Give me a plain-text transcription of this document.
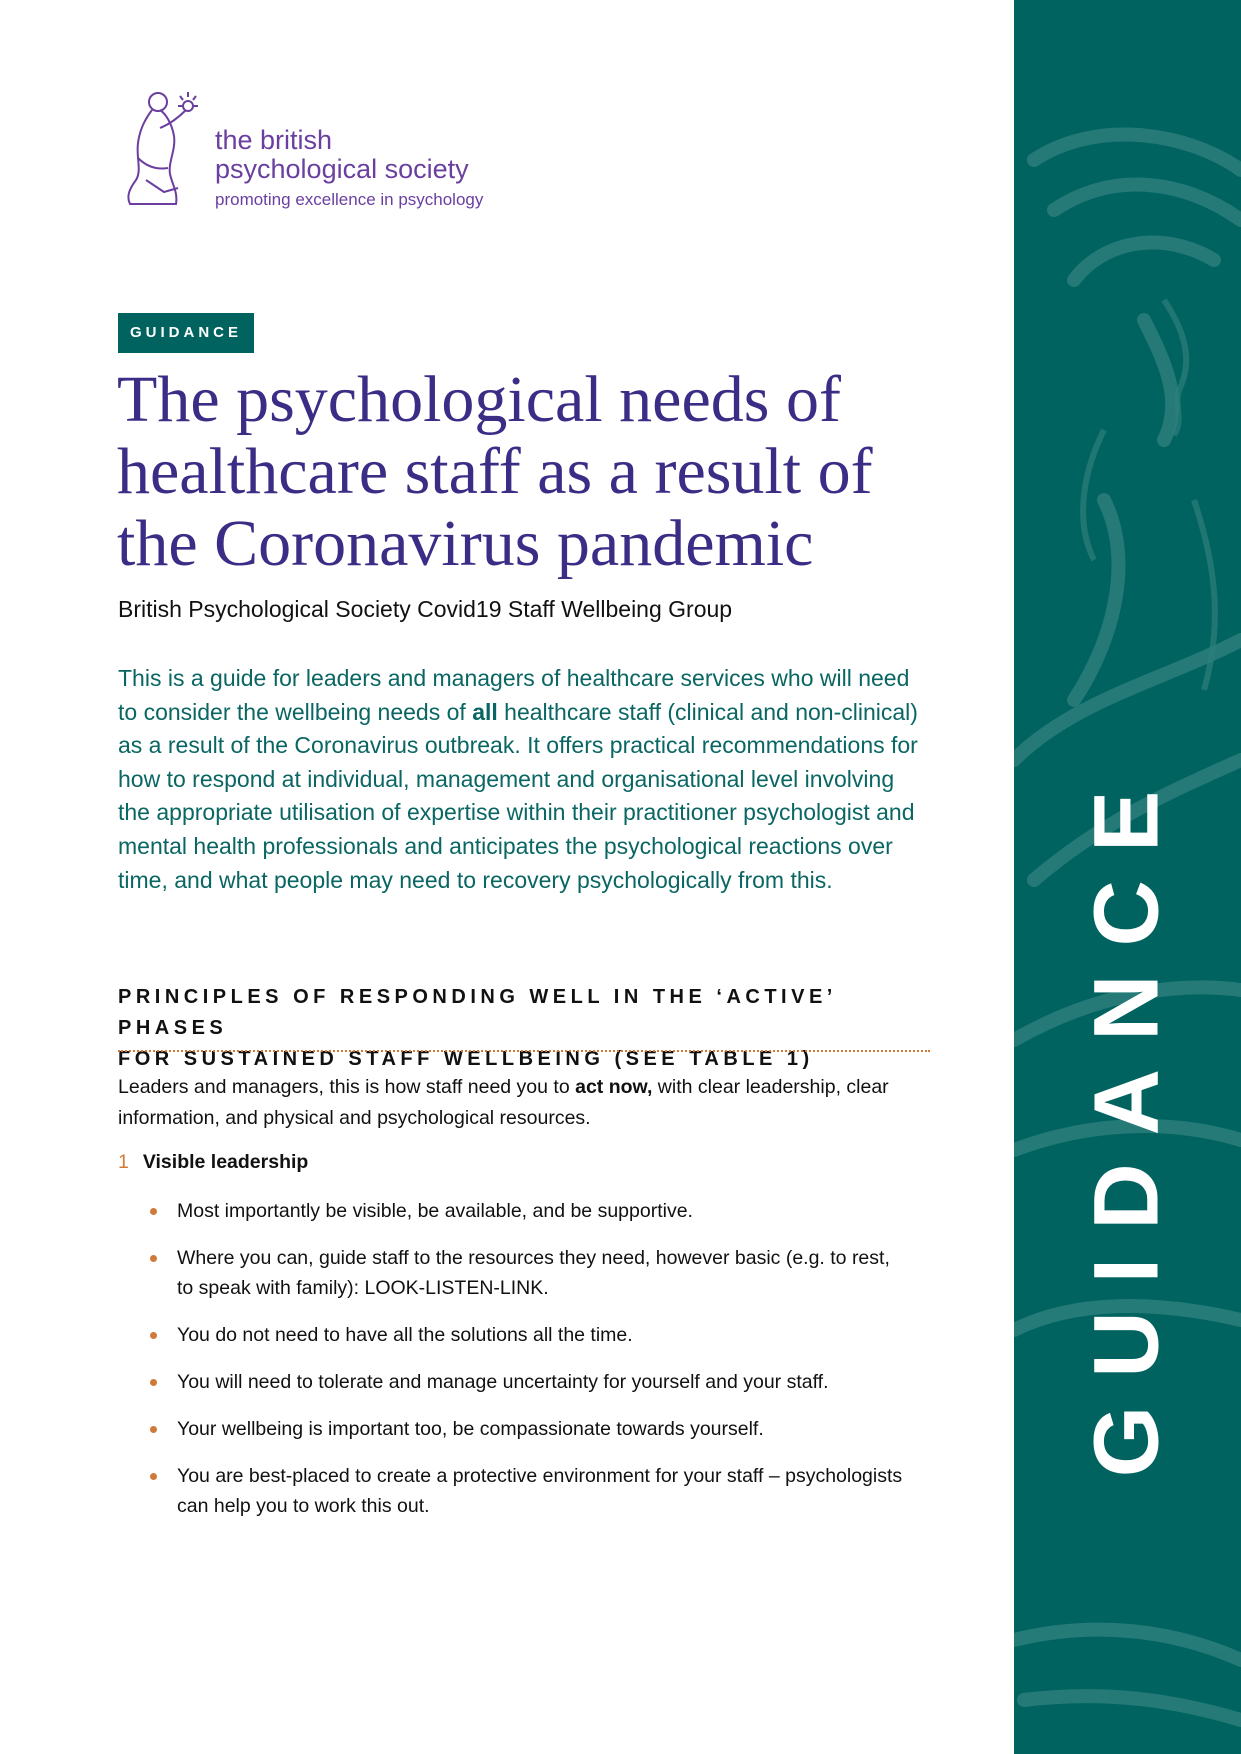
GUIDANCE
the british
psychological society
promoting excellence in psychology
GUIDANCE
The psychological needs of healthcare staff as a result of the Coronavirus pandemic
British Psychological Society Covid19 Staff Wellbeing Group
This is a guide for leaders and managers of healthcare services who will need to consider the wellbeing needs of all healthcare staff (clinical and non-clinical) as a result of the Coronavirus outbreak. It offers practical recommendations for how to respond at individual, management and organisational level involving the appropriate utilisation of expertise within their practitioner psychologist and mental health professionals and anticipates the psychological reactions over time, and what people may need to recovery psychologically from this.
PRINCIPLES OF RESPONDING WELL IN THE ‘ACTIVE’ PHASES
FOR SUSTAINED STAFF WELLBEING (SEE TABLE 1)
Leaders and managers, this is how staff need you to act now, with clear leadership, clear information, and physical and psychological resources.
1 Visible leadership
Most importantly be visible, be available, and be supportive.
Where you can, guide staff to the resources they need, however basic (e.g. to rest, to speak with family): LOOK-LISTEN-LINK.
You do not need to have all the solutions all the time.
You will need to tolerate and manage uncertainty for yourself and your staff.
Your wellbeing is important too, be compassionate towards yourself.
You are best-placed to create a protective environment for your staff – psychologists can help you to work this out.
